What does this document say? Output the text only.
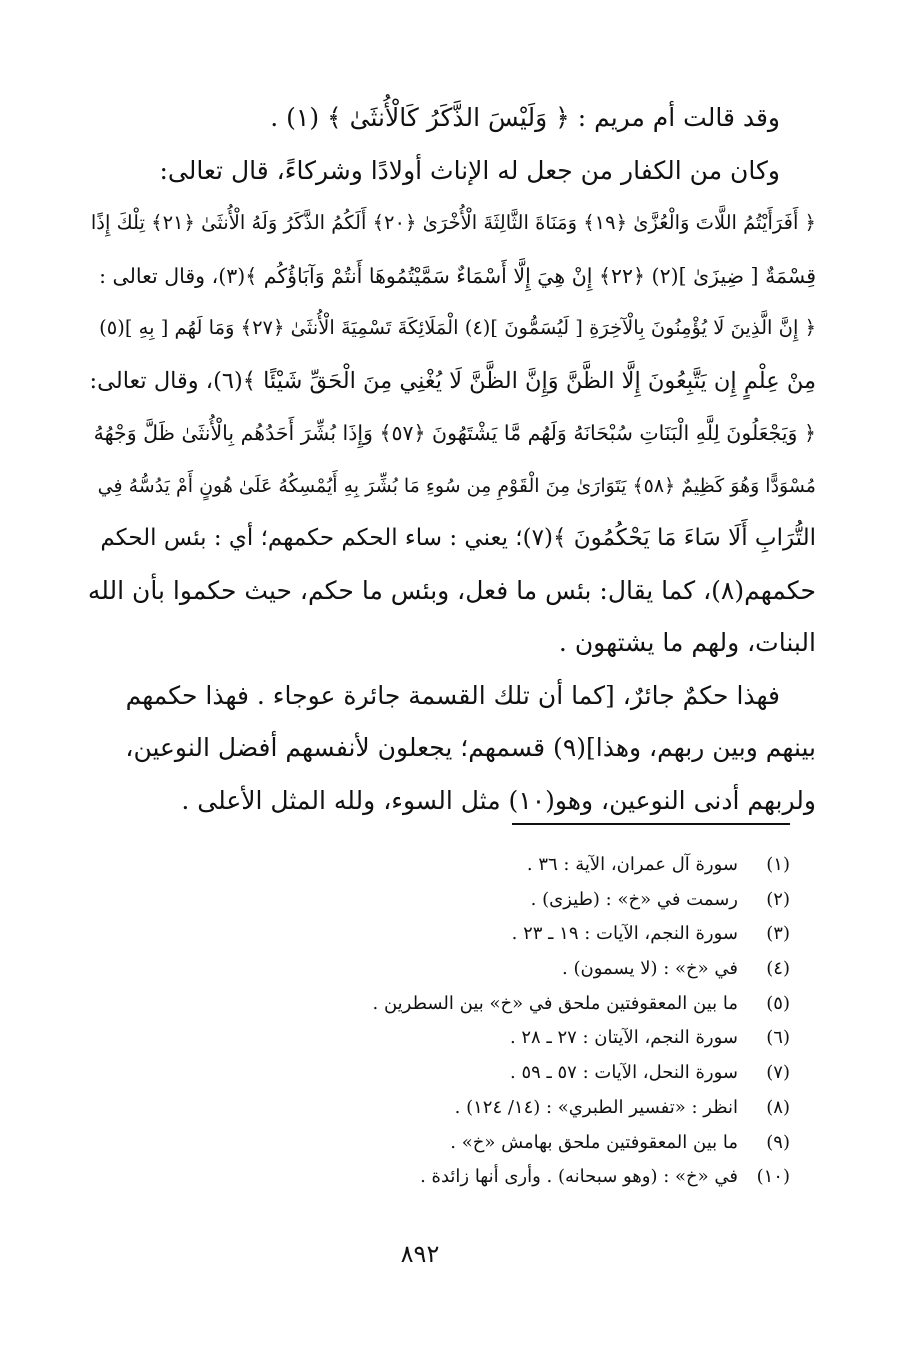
وقد قالت أم مريم : ﴿ وَلَيْسَ الذَّكَرُ كَالْأُنثَىٰ ﴾ (١) .
وكان من الكفار من جعل له الإناث أولادًا وشركاءً، قال تعالى:
﴿ أَفَرَأَيْتُمُ اللَّاتَ وَالْعُزَّىٰ ﴿١٩﴾ وَمَنَاةَ الثَّالِثَةَ الْأُخْرَىٰ ﴿٢٠﴾ أَلَكُمُ الذَّكَرُ وَلَهُ الْأُنثَىٰ ﴿٢١﴾ تِلْكَ إِذًا
قِسْمَةٌ [ ضِيزَىٰ ](٢) ﴿٢٢﴾ إِنْ هِيَ إِلَّا أَسْمَاءٌ سَمَّيْتُمُوهَا أَنتُمْ وَآبَاؤُكُم ﴾(٣)، وقال تعالى :
﴿ إِنَّ الَّذِينَ لَا يُؤْمِنُونَ بِالْآخِرَةِ [ لَيُسَمُّونَ ](٤) الْمَلَائِكَةَ تَسْمِيَةَ الْأُنثَىٰ ﴿٢٧﴾ وَمَا لَهُم [ بِهِ ](٥)
مِنْ عِلْمٍ إِن يَتَّبِعُونَ إِلَّا الظَّنَّ وَإِنَّ الظَّنَّ لَا يُغْنِي مِنَ الْحَقِّ شَيْئًا ﴾(٦)، وقال تعالى:
﴿ وَيَجْعَلُونَ لِلَّهِ الْبَنَاتِ سُبْحَانَهُ وَلَهُم مَّا يَشْتَهُونَ ﴿٥٧﴾ وَإِذَا بُشِّرَ أَحَدُهُم بِالْأُنثَىٰ ظَلَّ وَجْهُهُ
مُسْوَدًّا وَهُوَ كَظِيمٌ ﴿٥٨﴾ يَتَوَارَىٰ مِنَ الْقَوْمِ مِن سُوءِ مَا بُشِّرَ بِهِ أَيُمْسِكُهُ عَلَىٰ هُونٍ أَمْ يَدُسُّهُ فِي
التُّرَابِ أَلَا سَاءَ مَا يَحْكُمُونَ ﴾(٧)؛ يعني : ساء الحكم حكمهم؛ أي : بئس الحكم
حكمهم(٨)، كما يقال: بئس ما فعل، وبئس ما حكم، حيث حكموا بأن الله
البنات، ولهم ما يشتهون .
فهذا حكمٌ جائرٌ، [كما أن تلك القسمة جائرة عوجاء . فهذا حكمهم
بينهم وبين ربهم، وهذا](٩) قسمهم؛ يجعلون لأنفسهم أفضل النوعين،
ولربهم أدنى النوعين، وهو(١٠) مثل السوء، ولله المثل الأعلى .
(١)
سورة آل عمران، الآية : ٣٦ .
(٢)
رسمت في «خ» : (طيزى) .
(٣)
سورة النجم، الآيات : ١٩ ـ ٢٣ .
(٤)
في «خ» : (لا يسمون) .
(٥)
ما بين المعقوفتين ملحق في «خ» بين السطرين .
(٦)
سورة النجم، الآيتان : ٢٧ ـ ٢٨ .
(٧)
سورة النحل، الآيات : ٥٧ ـ ٥٩ .
(٨)
انظر : «تفسير الطبري» : (١٤/ ١٢٤) .
(٩)
ما بين المعقوفتين ملحق بهامش «خ» .
(١٠)
في «خ» : (وهو سبحانه) . وأرى أنها زائدة .
٨٩٢
